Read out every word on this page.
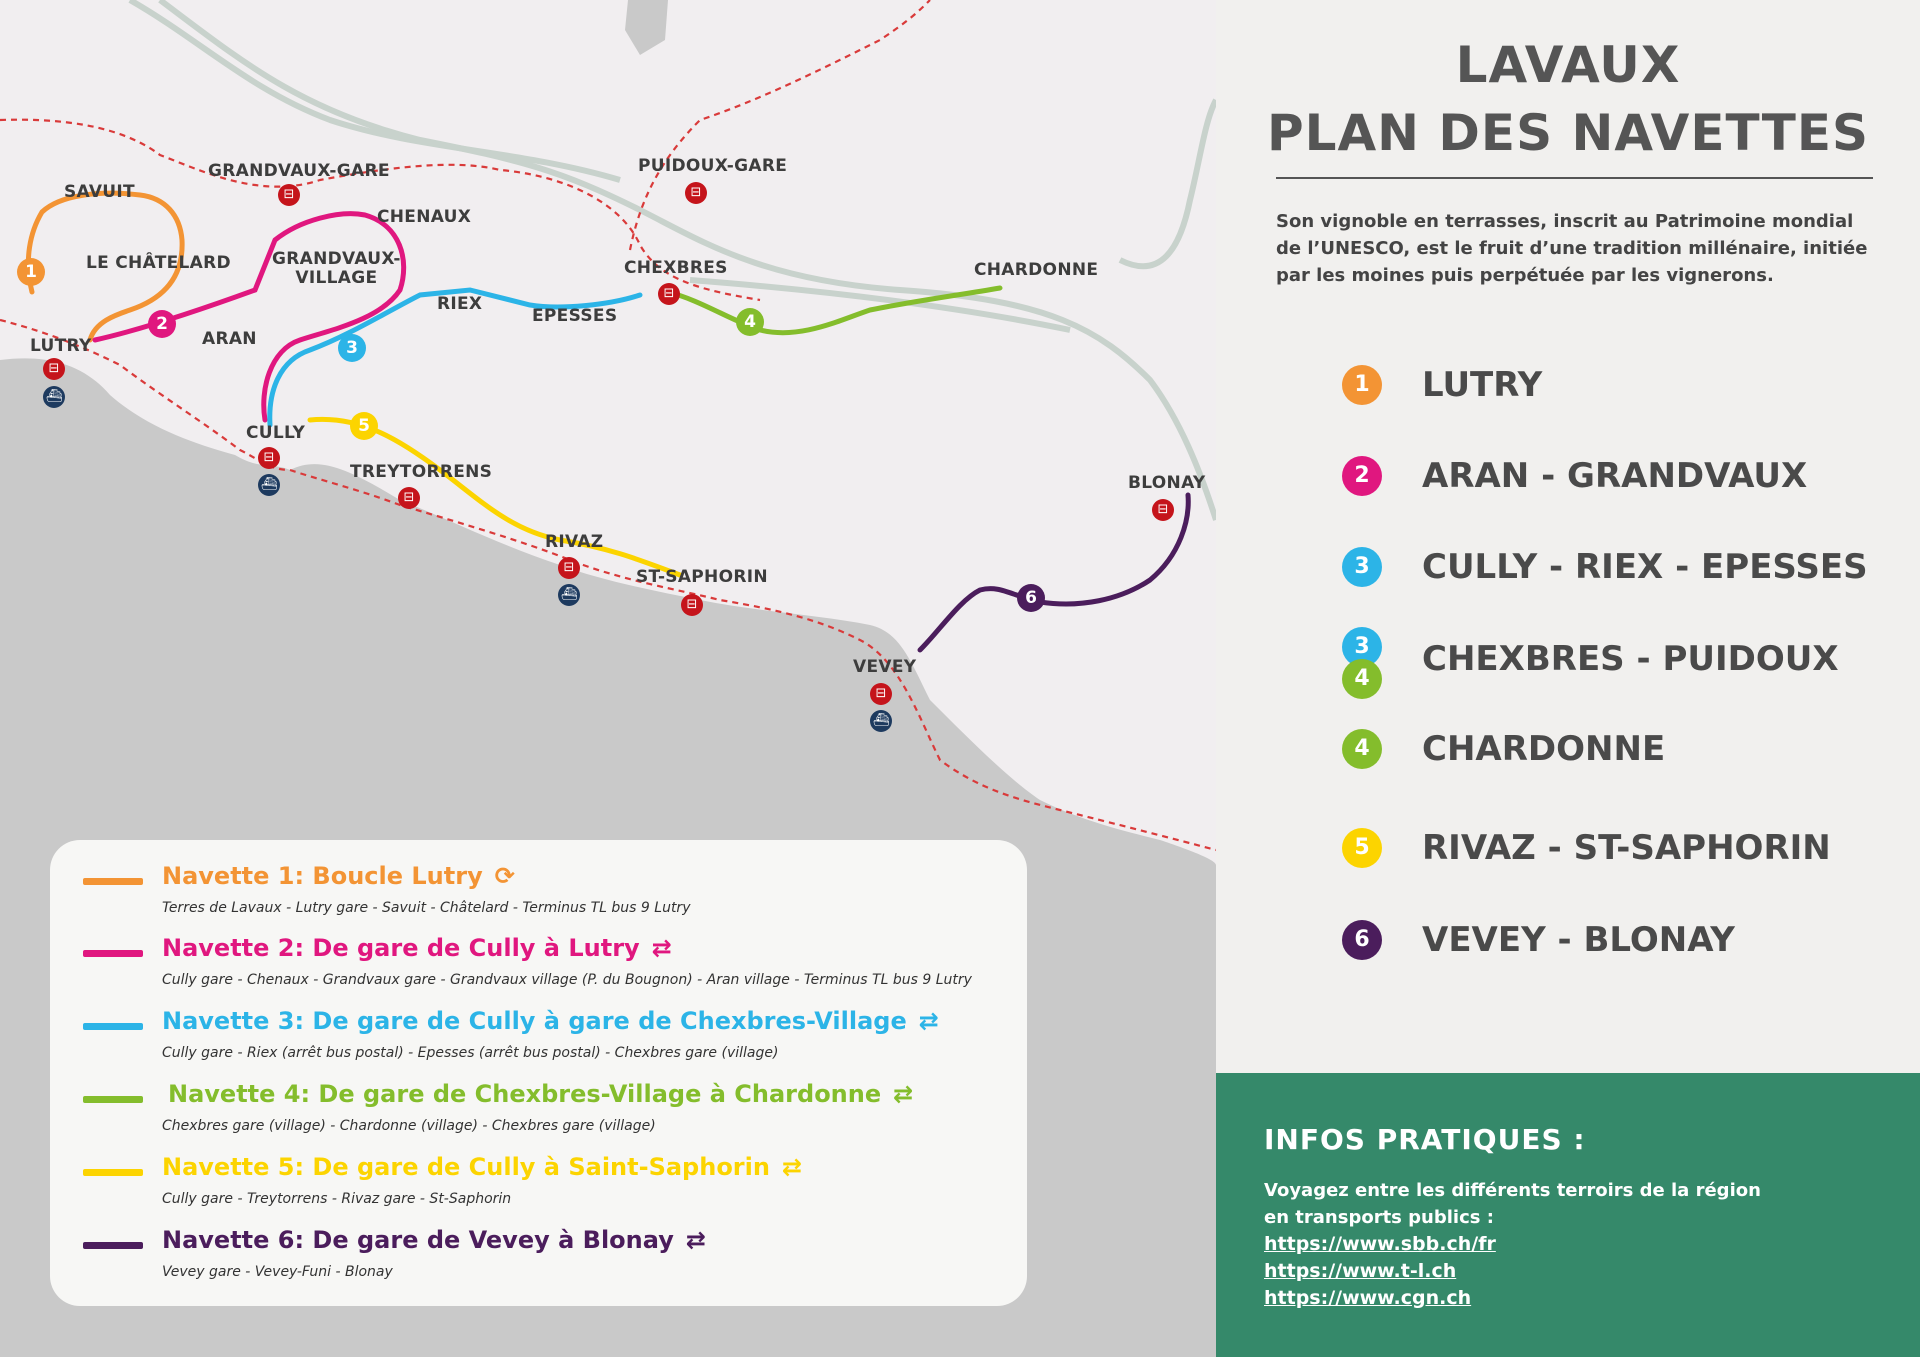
1
2
3
4
5
6
SAVUIT
GRANDVAUX-GARE
CHENAUX
LE CHÂTELARD GRANDVAUX-
VILLAGE
ARAN
LUTRY
RIEX
EPESSES
PUIDOUX-GARE
CHEXBRES	CHARDONNE
CULLY
TREYTORRENS
RIVAZ
ST-SAPHORIN
VEVEY
BLONAY
⊟
⊟
⛴
⊟
⊟
⊟
⛴
⊟
⊟
⛴
⊟
⊟
⛴
⊟
Navette 1: Boucle Lutry ⟳
Terres de Lavaux - Lutry gare - Savuit - Châtelard - Terminus TL bus 9 Lutry
Navette 2: De gare de Cully à Lutry ⇄
Cully gare - Chenaux - Grandvaux gare - Grandvaux village (P. du Bougnon) - Aran village - Terminus TL bus 9 Lutry
Navette 3: De gare de Cully à gare de Chexbres-Village ⇄
Cully gare - Riex (arrêt bus postal) - Epesses (arrêt bus postal) - Chexbres gare (village)
Navette 4: De gare de Chexbres-Village à Chardonne ⇄
Chexbres gare (village) - Chardonne (village) - Chexbres gare (village)
Navette 5: De gare de Cully à Saint-Saphorin ⇄
Cully gare - Treytorrens - Rivaz gare - St-Saphorin
Navette 6: De gare de Vevey à Blonay ⇄
Vevey gare - Vevey-Funi - Blonay
LAVAUX
PLAN DES NAVETTES
Son vignoble en terrasses, inscrit au Patrimoine mondial de l’UNESCO, est le fruit d’une tradition millénaire, initiée par les moines puis perpétuée par les vignerons.
1	LUTRY
2	ARAN - GRANDVAUX
3	CULLY - RIEX - EPESSES
3
4	CHEXBRES - PUIDOUX
4	CHARDONNE
5	RIVAZ - ST-SAPHORIN
6	VEVEY - BLONAY
INFOS PRATIQUES :
Voyagez entre les différents terroirs de la région
en transports publics :
https://www.sbb.ch/fr
https://www.t-l.ch
https://www.cgn.ch
